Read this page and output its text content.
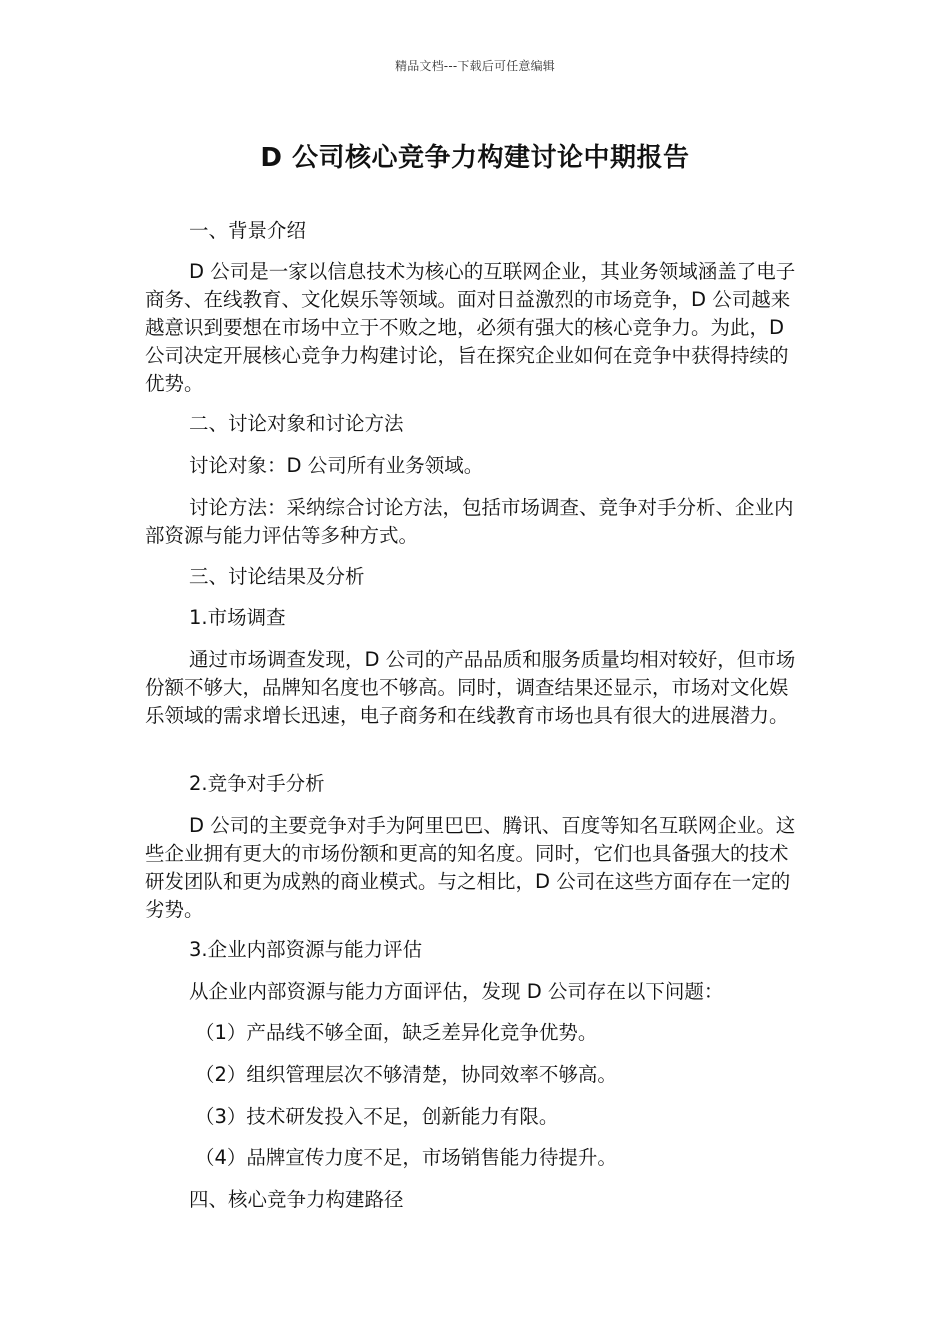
精品文档---下载后可任意编辑
D 公司核心竞争力构建讨论中期报告

一、背景介绍

D 公司是一家以信息技术为核心的互联网企业，其业务领域涵盖了电子商务、在线教育、文化娱乐等领域。面对日益激烈的市场竞争，D 公司越来越意识到要想在市场中立于不败之地，必须有强大的核心竞争力。为此，D 公司决定开展核心竞争力构建讨论，旨在探究企业如何在竞争中获得持续的优势。

二、讨论对象和讨论方法

讨论对象：D 公司所有业务领域。

讨论方法：采纳综合讨论方法，包括市场调查、竞争对手分析、企业内部资源与能力评估等多种方式。

三、讨论结果及分析

1.市场调查

通过市场调查发现，D 公司的产品品质和服务质量均相对较好，但市场份额不够大，品牌知名度也不够高。同时，调查结果还显示，市场对文化娱乐领域的需求增长迅速，电子商务和在线教育市场也具有很大的进展潜力。

2.竞争对手分析

D 公司的主要竞争对手为阿里巴巴、腾讯、百度等知名互联网企业。这些企业拥有更大的市场份额和更高的知名度。同时，它们也具备强大的技术研发团队和更为成熟的商业模式。与之相比，D 公司在这些方面存在一定的劣势。

3.企业内部资源与能力评估

从企业内部资源与能力方面评估，发现 D 公司存在以下问题：

（1）产品线不够全面，缺乏差异化竞争优势。

（2）组织管理层次不够清楚，协同效率不够高。

（3）技术研发投入不足，创新能力有限。

（4）品牌宣传力度不足，市场销售能力待提升。

四、核心竞争力构建路径
